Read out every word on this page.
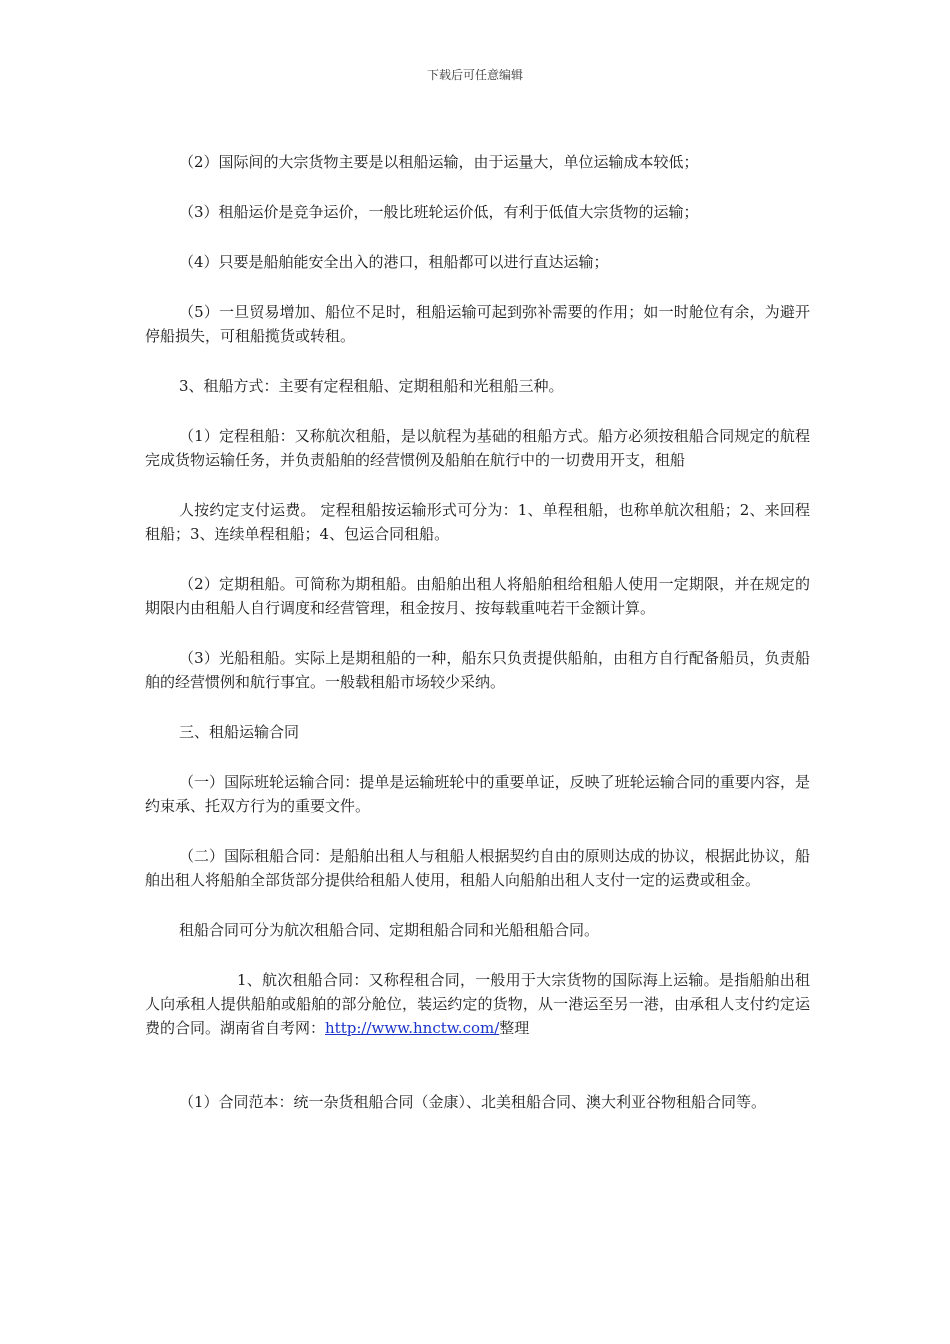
下载后可任意编辑

（2）国际间的大宗货物主要是以租船运输，由于运量大，单位运输成本较低；

（3）租船运价是竞争运价，一般比班轮运价低，有利于低值大宗货物的运输；

（4）只要是船舶能安全出入的港口，租船都可以进行直达运输；

（5）一旦贸易增加、船位不足时，租船运输可起到弥补需要的作用；如一时舱位有余，为避开停船损失，可租船揽货或转租。

3、租船方式：主要有定程租船、定期租船和光租船三种。

（1）定程租船：又称航次租船，是以航程为基础的租船方式。船方必须按租船合同规定的航程完成货物运输任务，并负责船舶的经营惯例及船舶在航行中的一切费用开支，租船

人按约定支付运费。 定程租船按运输形式可分为：1、单程租船，也称单航次租船；2、来回程租船；3、连续单程租船；4、包运合同租船。

（2）定期租船。可简称为期租船。由船舶出租人将船舶租给租船人使用一定期限，并在规定的期限内由租船人自行调度和经营管理，租金按月、按每载重吨若干金额计算。

（3）光船租船。实际上是期租船的一种，船东只负责提供船舶，由租方自行配备船员，负责船舶的经营惯例和航行事宜。一般载租船市场较少采纳。

三、租船运输合同

（一）国际班轮运输合同：提单是运输班轮中的重要单证，反映了班轮运输合同的重要内容，是约束承、托双方行为的重要文件。

（二）国际租船合同：是船舶出租人与租船人根据契约自由的原则达成的协议，根据此协议，船舶出租人将船舶全部货部分提供给租船人使用，租船人向船舶出租人支付一定的运费或租金。

租船合同可分为航次租船合同、定期租船合同和光船租船合同。

1、航次租船合同：又称程租合同，一般用于大宗货物的国际海上运输。是指船舶出租人向承租人提供船舶或船舶的部分舱位，装运约定的货物，从一港运至另一港，由承租人支付约定运费的合同。湖南省自考网：http://www.hnctw.com/整理

（1）合同范本：统一杂货租船合同（金康）、北美租船合同、澳大利亚谷物租船合同等。
